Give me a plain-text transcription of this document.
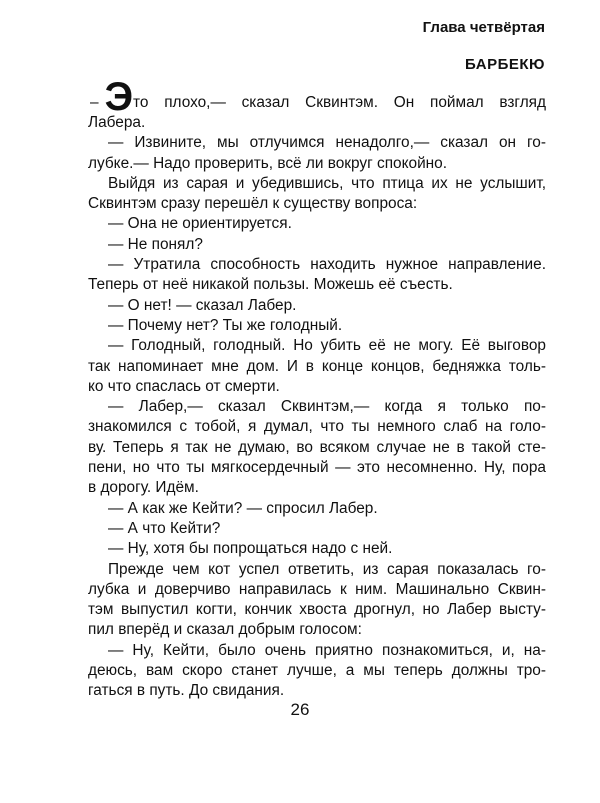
Глава четвёртая
БАРБЕКЮ
– Это плохо,— сказал Сквинтэм. Он поймал взгляд
Лабера.
— Извините, мы отлучимся ненадолго,— сказал он го-
лубке.— Надо проверить, всё ли вокруг спокойно.
Выйдя из сарая и убедившись, что птица их не услышит,
Сквинтэм сразу перешёл к существу вопроса:
— Она не ориентируется.
— Не понял?
— Утратила способность находить нужное направление.
Теперь от неё никакой пользы. Можешь её съесть.
— О нет! — сказал Лабер.
— Почему нет? Ты же голодный.
— Голодный, голодный. Но убить её не могу. Её выговор
так напоминает мне дом. И в конце концов, бедняжка толь-
ко что спаслась от смерти.
— Лабер,— сказал Сквинтэм,— когда я только по-
знакомился с тобой, я думал, что ты немного слаб на голо-
ву. Теперь я так не думаю, во всяком случае не в такой сте-
пени, но что ты мягкосердечный — это несомненно. Ну, пора
в дорогу. Идём.
— А как же Кейти? — спросил Лабер.
— А что Кейти?
— Ну, хотя бы попрощаться надо с ней.
Прежде чем кот успел ответить, из сарая показалась го-
лубка и доверчиво направилась к ним. Машинально Сквин-
тэм выпустил когти, кончик хвоста дрогнул, но Лабер высту-
пил вперёд и сказал добрым голосом:
— Ну, Кейти, было очень приятно познакомиться, и, на-
деюсь, вам скоро станет лучше, а мы теперь должны тро-
гаться в путь. До свидания.
26
